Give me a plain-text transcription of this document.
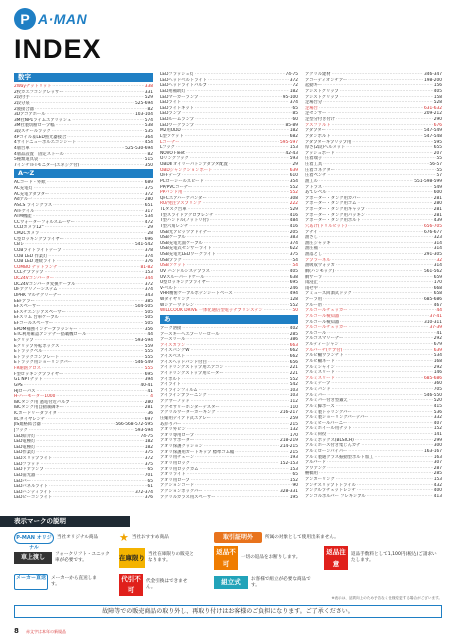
P A·MAN
INDEX
数字
2Wayナットリット ·····	338
2枚カエフコングレッサー ·····	331
2段付手 ·····	529
2段分泉 ·····	525-694
2液接合器 ·····	82
3Dアゴアホール ·····	103-104
3M社NP1ライムエアリッシュ ·····	574
3M社製切断ロープ幅 ·····	538
3段スチールラック ·····	535
4Pコイル＆LED照光器接合 ·····	364
4サイドニューボルエコンシート ·····	454
4層台車 ·····	525-530-694
4層品設置　固定ストール ·····	82
5種類道具袋 ·····	515
7インチTFTモニター(エネジク付) ·····	350
A〜Z
ACコード・外紙 ·····	689
AC充電灯 ·····	375
AC充電アダプター ·····	372
Adアル一 ·····	280
ASCS ライングラス ·····	651
ATFゲイル ·····	317
ATM機能 ·····	534
CCウォーターフォルスムーザー ·····	472
CCDカメラ12° ·····	29
CM2Cカメラ ·····	28
C型ロッキングプライヤー ·····	696
CBレ ·····	541-542
COBライトライトテープ ·····	378
COB LED 作業灯 ·····	374
COB LED 連続ライト ·····	376
COMBO ナットランナ ·····	81-82
CCLナプアップ ·····	153
DC24Vコンバーター ·····	344
DC24Vコンバータ変換ケーブル ·····	372
DFアクリノーシステム ·····	374
DPHK マルチクリーナー ·····	343
EEFアラー ·····	385
EFスペーサー ·····	504-505
EFスチエンジアスペーサー ·····	505
EFスリム 台車ケーブル ·····	505
EFゴールスペーサー ·····	505
EPDM補強インナーブラッシャー ·····	356
ETC利用確認アンテナー搭載機ロール ·····	44
Eクリップ ·····	593-594
Eクリップ外転ボックス ·····	559
Eトラックベル ·····	555
Eトラックコンプレート ·····	555
Eトラック用ショーリングバー ·····	546-549
FR耐熱グロス ·····	555
F型ロッキングプライヤー ·····	695
G1 NPTナット ·····	394
GPS ·····	40-41
HJローバス ·····	41
H-ハーモーター1000 ·····	4
IBCタンク用 過電付近バルブ ·····	280
IBCタンク用自動制御キー ·····	281
ICカードリーダライタ ·····	36
IICタイヤレンチ ·····	697
JIS規格結合器 ·····	566-568-572-595
Jフック ·····	593-594
LED紹介灯 ·····	74-75
LED電極灯 ·····	182
LED電極灯 ·····	182
LED作業灯 ·····	375
LEDスリップライト ·····	372
LEDフラッド ·····	375
LEDドアランプ ·····	65
LED前光器 ·····	701
LEDバー ·····	65
LEDパネルライト ·····	61
LEDハンディライト ·····	372-374
LEDピーコンライト ·····	376
LEDフラッシュ灯 ·····	74-75
LEDヘッドベルトライト ·····	372
LEDヘッドライトバルブ ·····	72
LED用補助灯 ·····	182
LEDマーカーランプ ·····	95-100
LEDライト ·····	374
LEDライトキット ·····	65
LEDランプ ·····	85
LEDルームランプ ·····	60
LEDワークランプ ·····	85-89
M2用ODD ·····	182
L型ソケット ·····	682
Lコーナー ·····	595-597
Lフック ·····	153
NOVO Fleet ·····	42-43
Oリングフック ·····	593
OBDⅡ オイリーパトンアダプタ配置 ·····	29
OBDジャンクションポート ·····	639
OFFテープ ·····	610
PCローシールズピード ·····	354
PP/PVCコーナー ·····	552
PPバンド用 ·····	552
QFCエアハーゲバンダー ·····	308
RU/発注プスプリング ·····	222
TLタスク台車 ·····	529
T型スライドアクロブレンチ ·····	416
T型ハンドル(ノットリ付) ·····	484
T型六角レンチ ·····	416
USB光アピッツアドイナー ·····	205
USBケーブル ·····	383
USB充電光面ケーブル ·····	374
USB充電式センサーライト ·····	622
USB充電光LEDワークライト ·····	375
USBプラグ ·····	54
USBソケット ·····	54
UV ハンドルシステプラス ·····	405
UVスルーパードケール ·····	638
U型ロッキングプライヤー ·····	695
V-ベルト ·····	246
VHR精密ケーブルボテンシートベース ·····	494
Wダイヤリング ·····	128
Wシアーウドレン ·····	552
WILLCOOK DRIVE 一体化通信型電子ナブリシステン ·····	50
あ
アーク溶接 ·····	402
アースキーヘエプーリーロール ·····	285
アースリール ·····	386
アイスカラン ·····	663
アイスパンクW ·····	662
アイスベスト ·····	662
アイスヘッドバンド付白 ·····	656
アイドリングストップ用エアコン ·····	221
アイドリングストップ用ヒーター ·····	221
アイボルト ·····	552
アイライト ·····	542
アイラインフィルム ·····	103
アイラインブラーニング ·····	103
アクサーノッド ·····	112
アクセサリーホンダーテスター ·····	110
アクリルウーターカーキング ·····	216-217
圧縮用デイアド式エアレー ·····	259
あがりバー ·····	215
アオリ外ピン ·····	132
アオリ専用ロープ ·····	170
アオリサポーター ·····	218-219
アオリ保護クッション ·····	214-215
アオリ保護用ガートキップ 標準ゴム幅 ·····	215
アオリ用チェーン ·····	193
アオリ用ロック ·····	152-153
アオリ用ロックカム ·····	153
アオリライト ·····	65
アオリ用ロープ ·····	152
アクションコード ·····	90
アクションボックバー ·····	328-331
アクリルガラス用スペーサー ·····	195
アクリル建材 ·····	346-347
アコーディオンチアー ·····	198-200
起動キー ·····	156
アシストグリップ ·····	405
アシストグリップ ·····	158
足場台分 ·····	528
足場台 ·····	631-632
足センサー ·····	209-212
足型分付き付け ·····	290
アスファルト ·····	676
アダプター ·····	547-549
アダンボルト ·····	547-548
アダプターキプリップ用 ·····	595
厚さ(2段)ヘルメット ·····	655
アッシュボード ·····	207
圧着端子 ·····	55
圧着工具 ·····	56-57
圧着コネクター ·····	55
圧着ペンチ ·····	57
油工ル ·····	551-598-599
アトラス ·····	549
あてレベル ·····	600
アポーター・タンク用カバー ·····	281
アポーター・タンク用ゴム ·····	280
アポーター・タンク用キャップ ·····	281
アポーター・タンク用パッキン ·····	281
アポーター・タンク用ボルト ·····	439
穴あけ(ドリルビット) ·····	656-705
アナイ ·····	676-677
油さし ·····	323
油圧ジャッキ ·····	314
油圧補 ·····	314
油落とし ·····	291-305
アプラーネル ·····	32
油吸収ウォッカ ·····	314
網(ハンモック) ·····	561-562
網サーラ ·····	659
雨浸止 ·····	170
雨せや ·····	668
アミューズ回酒式ドック ·····	658
アーラ用 ·····	685-686
アルー帯 ·····	467
アルコールチェッカー ·····	44
アルコール検知器 ·····	37-41
アルコール検知器 ·····	310-311
アルコールチェッカー ·····	37-39
アルコール ·····	41
アルゴスマリーナー ·····	292
アルティージャン ·····	679
アルバーチ(ケブ付) ·····	639
アルピ輸ウランチト ·····	534
アルビ輸ネード ·····	168
アルミシャイン ·····	292
アルミスリード ·····	146
アルミスリード ·····	685-686
アルミテープ ·····	360
アルミバンド ·····	705
アルミバー ·····	546-550
アルミバー付き型鍛え ·····	520
アルミ脚ポーズ ·····	415
アルミ製トゥリングバー ·····	536
アルミ製ショーリングバーデバー ·····	332
アルミビールパーニー ·····	407
アルミホイール用ナット ·····	152
アルミ荷役 ·····	141
アルミボックス(BLSICH) ·····	299
アルミホース付き集じんカナ ·····	300
アルミローンパイパー ·····	163-167
アルミ製通グラス振動型ボルト加工 ·····	163
アルバード ·····	307
アワアンク ·····	287
梱橋用 ·····	285
アンカーリング ·····	153
アンチスリップトトライル ·····	432
アングルラチェットレンチ ·····	400
アンゴルボルバー フレキシブル ·····	413
表示マークの説明
P-MAN オリジナル
当社オリジナル商品 ★ 当社おすすめ商品	取引証明外	所属の対象として使用出来ません。
車上渡し	フォークリフト・ユニック車が必要です。	在庫限り 当社在庫限りの販売となります。
返品不可
一切の返品をお断りします。
返品注意
返品手数料として1,100円(税込)ご請求いたします。
メーカー直送	メーカーから直送します。
代引不可
代金引換はできません。
組立式	お客様で組立が必要な商品です。
※表示は、品質向上のため予告なく仕様変更する場合がございます。
故障等での販売商品の取り外し、再取り付けはお客様のご負担になります。ご了承ください。
8 赤文字は本年の新規品
